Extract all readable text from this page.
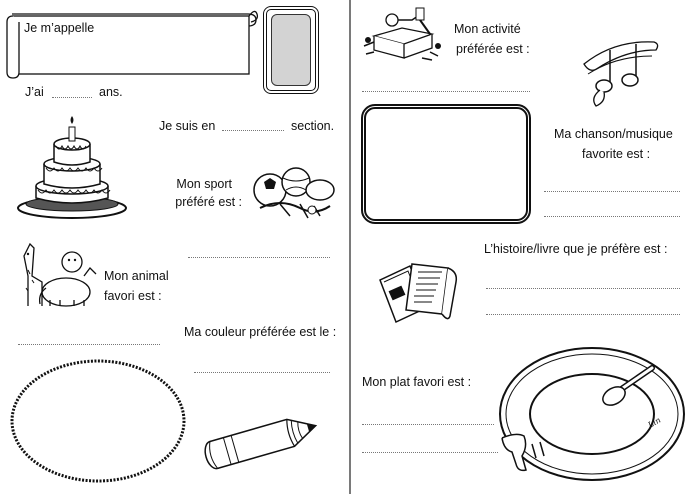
Je m’appelle
J’ai	ans.
Je suis en	section.
Mon sport
préféré est :
Mon animal
favori est :
Ma couleur préférée est le :
Mon activité
préférée est :
Ma chanson/musique
favorite est :
L’histoire/livre que je préfère est :
Mon plat favori est :
Lin
